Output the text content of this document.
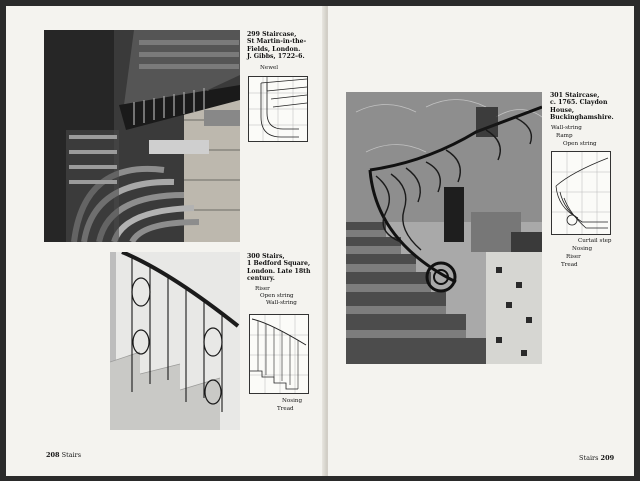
299 Staircase,
St Martin-in-the-
Fields, London.
J. Gibbs, 1722–6.
Newel
300 Stairs,
1 Bedford Square,
London. Late 18th
century.
Riser
Open string
Wall-string
Nosing
Tread
208 Stairs
301 Staircase,
c. 1765. Claydon
House,
Buckinghamshire.
Wall-string
Ramp
Open string
Curtail step
Nosing
Riser
Tread
Stairs 209
